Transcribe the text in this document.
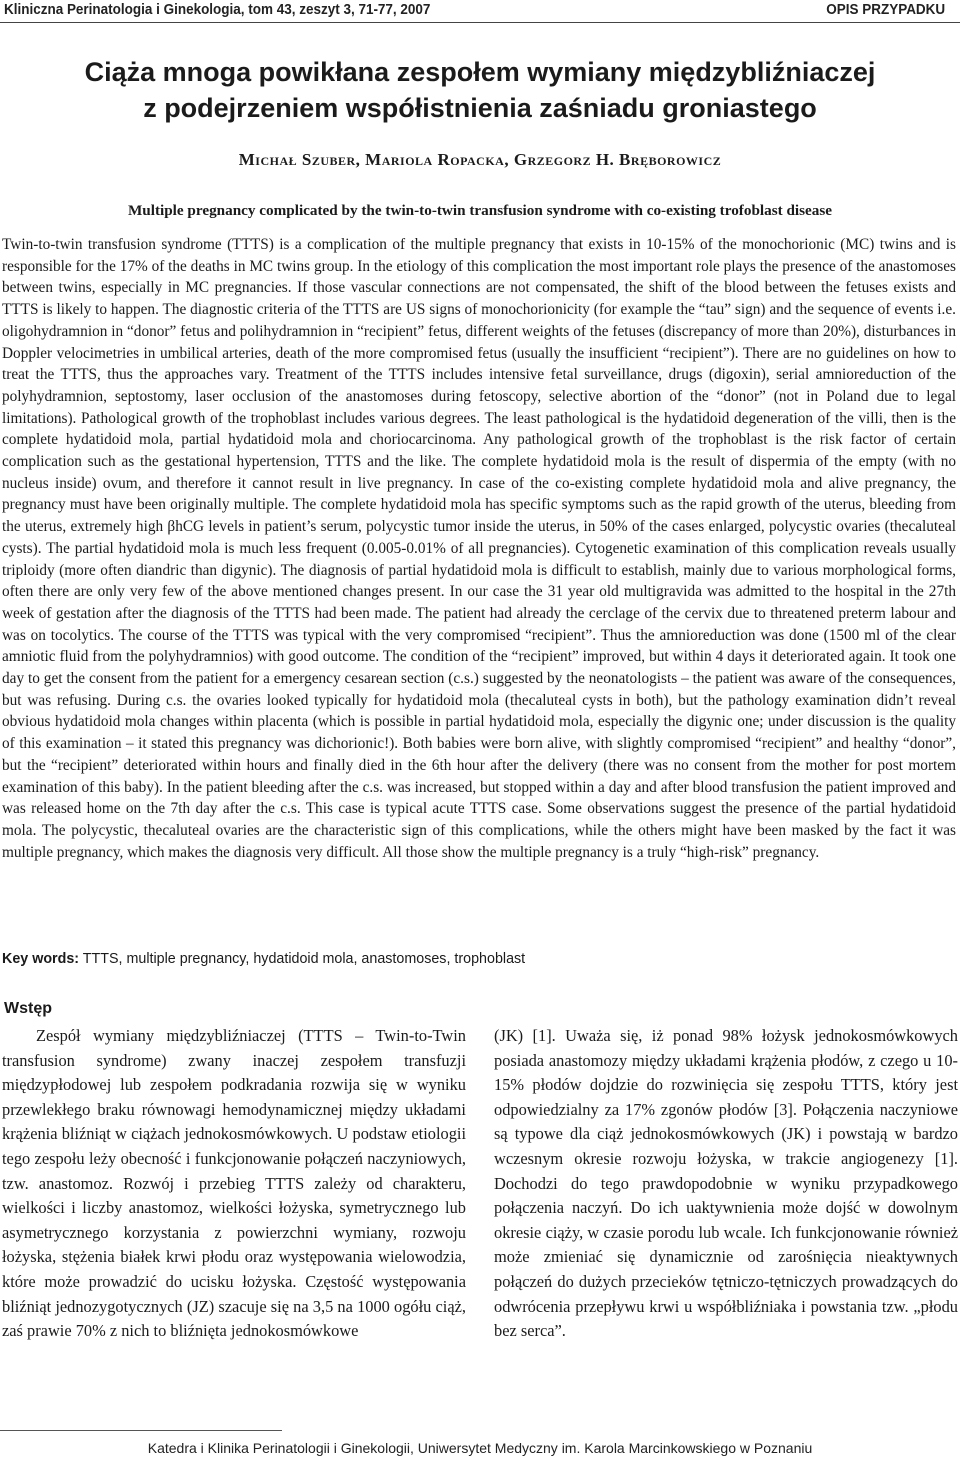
Kliniczna Perinatologia i Ginekologia, tom 43, zeszyt 3, 71-77, 2007	OPIS PRZYPADKU
Ciąża mnoga powikłana zespołem wymiany międzybliźniaczej
z podejrzeniem współistnienia zaśniadu groniastego
Michał Szuber, Mariola Ropacka, Grzegorz H. Bręborowicz
Multiple pregnancy complicated by the twin-to-twin transfusion syndrome with co-existing trofoblast disease
Twin-to-twin transfusion syndrome (TTTS) is a complication of the multiple pregnancy that exists in 10-15% of the monochorionic (MC) twins and is responsible for the 17% of the deaths in MC twins group. In the etiology of this complication the most important role plays the presence of the anastomoses between twins, especially in MC pregnancies. If those vascular connections are not compensated, the shift of the blood between the fetuses exists and TTTS is likely to happen. The diagnostic criteria of the TTTS are US signs of monochorionicity (for example the “tau” sign) and the sequence of events i.e. oligohydramnion in “donor” fetus and polihydramnion in “recipient” fetus, different weights of the fetuses (discrepancy of more than 20%), disturbances in Doppler velocimetries in umbilical arteries, death of the more compromised fetus (usually the insufficient “recipient”). There are no guidelines on how to treat the TTTS, thus the approaches vary. Treatment of the TTTS includes intensive fetal surveillance, drugs (digoxin), serial amnioreduction of the polyhydramnion, septostomy, laser occlusion of the anastomoses during fetoscopy, selective abortion of the “donor” (not in Poland due to legal limitations). Pathological growth of the trophoblast includes various degrees. The least pathological is the hydatidoid degeneration of the villi, then is the complete hydatidoid mola, partial hydatidoid mola and choriocarcinoma. Any pathological growth of the trophoblast is the risk factor of certain complication such as the gestational hypertension, TTTS and the like. The complete hydatidoid mola is the result of dispermia of the empty (with no nucleus inside) ovum, and therefore it cannot result in live pregnancy. In case of the co-existing complete hydatidoid mola and alive pregnancy, the pregnancy must have been originally multiple. The complete hydatidoid mola has specific symptoms such as the rapid growth of the uterus, bleeding from the uterus, extremely high βhCG levels in patient’s serum, polycystic tumor inside the uterus, in 50% of the cases enlarged, polycystic ovaries (thecaluteal cysts). The partial hydatidoid mola is much less frequent (0.005-0.01% of all pregnancies). Cytogenetic examination of this complication reveals usually triploidy (more often diandric than digynic). The diagnosis of partial hydatidoid mola is difficult to establish, mainly due to various morphological forms, often there are only very few of the above mentioned changes present. In our case the 31 year old multigravida was admitted to the hospital in the 27th week of gestation after the diagnosis of the TTTS had been made. The patient had already the cerclage of the cervix due to threatened preterm labour and was on tocolytics. The course of the TTTS was typical with the very compromised “recipient”. Thus the amnioreduction was done (1500 ml of the clear amniotic fluid from the polyhydramnios) with good outcome. The condition of the “recipient” improved, but within 4 days it deteriorated again. It took one day to get the consent from the patient for a emergency cesarean section (c.s.) suggested by the neonatologists – the patient was aware of the consequences, but was refusing. During c.s. the ovaries looked typically for hydatidoid mola (thecaluteal cysts in both), but the pathology examination didn’t reveal obvious hydatidoid mola changes within placenta (which is possible in partial hydatidoid mola, especially the digynic one; under discussion is the quality of this examination – it stated this pregnancy was dichorionic!). Both babies were born alive, with slightly compromised “recipient” and healthy “donor”, but the “recipient” deteriorated within hours and finally died in the 6th hour after the delivery (there was no consent from the mother for post mortem examination of this baby). In the patient bleeding after the c.s. was increased, but stopped within a day and after blood transfusion the patient improved and was released home on the 7th day after the c.s. This case is typical acute TTTS case. Some observations suggest the presence of the partial hydatidoid mola. The polycystic, thecaluteal ovaries are the characteristic sign of this complications, while the others might have been masked by the fact it was multiple pregnancy, which makes the diagnosis very difficult. All those show the multiple pregnancy is a truly “high-risk” pregnancy.
Key words: TTTS, multiple pregnancy, hydatidoid mola, anastomoses, trophoblast
Wstęp
Zespół wymiany międzybliźniaczej (TTTS – Twin-to-Twin transfusion syndrome) zwany inaczej zespołem transfuzji międzypłodowej lub zespołem podkradania rozwija się w wyniku przewlekłego braku równowagi hemodynamicznej między układami krążenia bliźniąt w ciążach jednokosmówkowych. U podstaw etiologii tego zespołu leży obecność i funkcjonowanie połączeń naczyniowych, tzw. anastomoz. Rozwój i przebieg TTTS zależy od charakteru, wielkości i liczby anastomoz, wielkości łożyska, symetrycznego lub asymetrycznego korzystania z powierzchni wymiany, rozwoju łożyska, stężenia białek krwi płodu oraz występowania wielowodzia, które może prowadzić do ucisku łożyska. Częstość występowania bliźniąt jednozygotycznych (JZ) szacuje się na 3,5 na 1000 ogółu ciąż, zaś prawie 70% z nich to bliźnięta jednokosmówkowe
(JK) [1]. Uważa się, iż ponad 98% łożysk jednokosmówkowych posiada anastomozy między układami krążenia płodów, z czego u 10-15% płodów dojdzie do rozwinięcia się zespołu TTTS, który jest odpowiedzialny za 17% zgonów płodów [3]. Połączenia naczyniowe są typowe dla ciąż jednokosmówkowych (JK) i powstają w bardzo wczesnym okresie rozwoju łożyska, w trakcie angiogenezy [1]. Dochodzi do tego prawdopodobnie w wyniku przypadkowego połączenia naczyń. Do ich uaktywnienia może dojść w dowolnym okresie ciąży, w czasie porodu lub wcale. Ich funkcjonowanie również może zmieniać się dynamicznie od zarośnięcia nieaktywnych połączeń do dużych przecieków tętniczo-tętniczych prowadzących do odwrócenia przepływu krwi u współbliźniaka i powstania tzw. „płodu bez serca”.
Katedra i Klinika Perinatologii i Ginekologii, Uniwersytet Medyczny im. Karola Marcinkowskiego w Poznaniu
